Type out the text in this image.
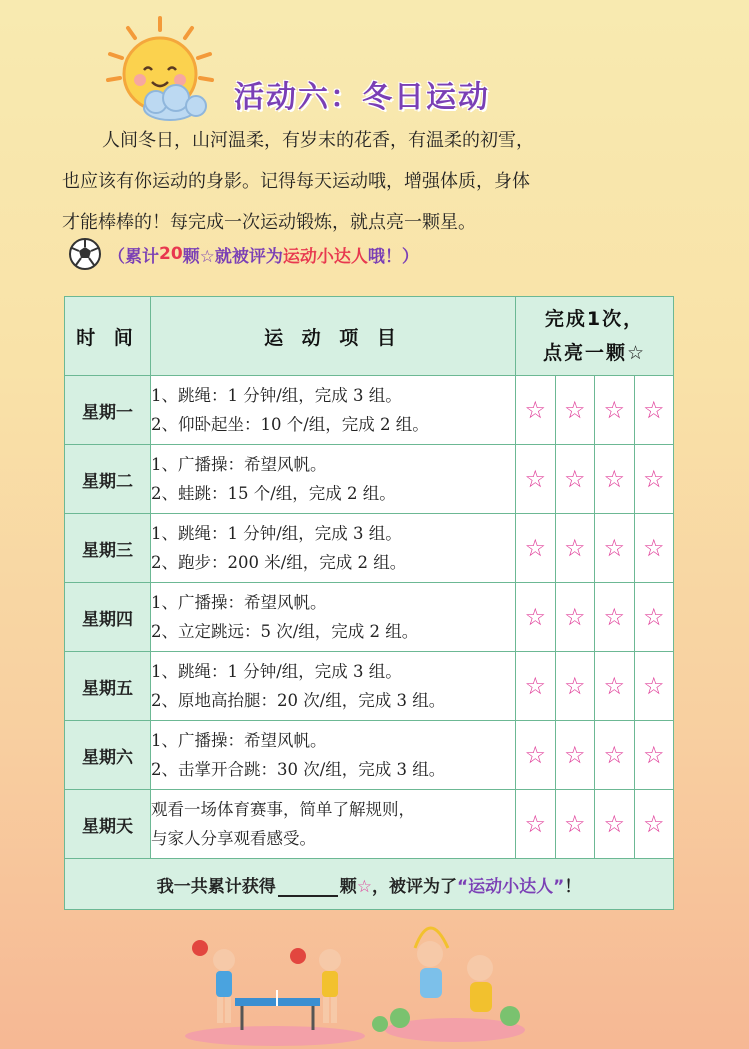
活动六：冬日运动

人间冬日，山河温柔，有岁末的花香，有温柔的初雪，

也应该有你运动的身影。记得每天运动哦，增强体质，身体

才能棒棒的！每完成一次运动锻炼，就点亮一颗星。

（累计 20 颗☆就被评为 运动小达人 哦！）
时 间	运 动 项 目	完成1次，
点亮一颗☆			

星期一	1、跳绳：1 分钟/组，完成 3 组。
2、仰卧起坐：10 个/组，完成 2 组。	☆	☆	☆	☆
星期二	1、广播操：希望风帆。
2、蛙跳：15 个/组，完成 2 组。	☆	☆	☆	☆
星期三	1、跳绳：1 分钟/组，完成 3 组。
2、跑步：200 米/组，完成 2 组。	☆	☆	☆	☆
星期四	1、广播操：希望风帆。
2、立定跳远：5 次/组，完成 2 组。	☆	☆	☆	☆
星期五	1、跳绳：1 分钟/组，完成 3 组。
2、原地高抬腿：20 次/组，完成 3 组。	☆	☆	☆	☆
星期六	1、广播操：希望风帆。
2、击掌开合跳：30 次/组，完成 3 组。	☆	☆	☆	☆
星期天	观看一场体育赛事，简单了解规则，
与家人分享观看感受。	☆	☆	☆	☆
我一共累计获得 颗☆，被评为了“运动小达人”！					
